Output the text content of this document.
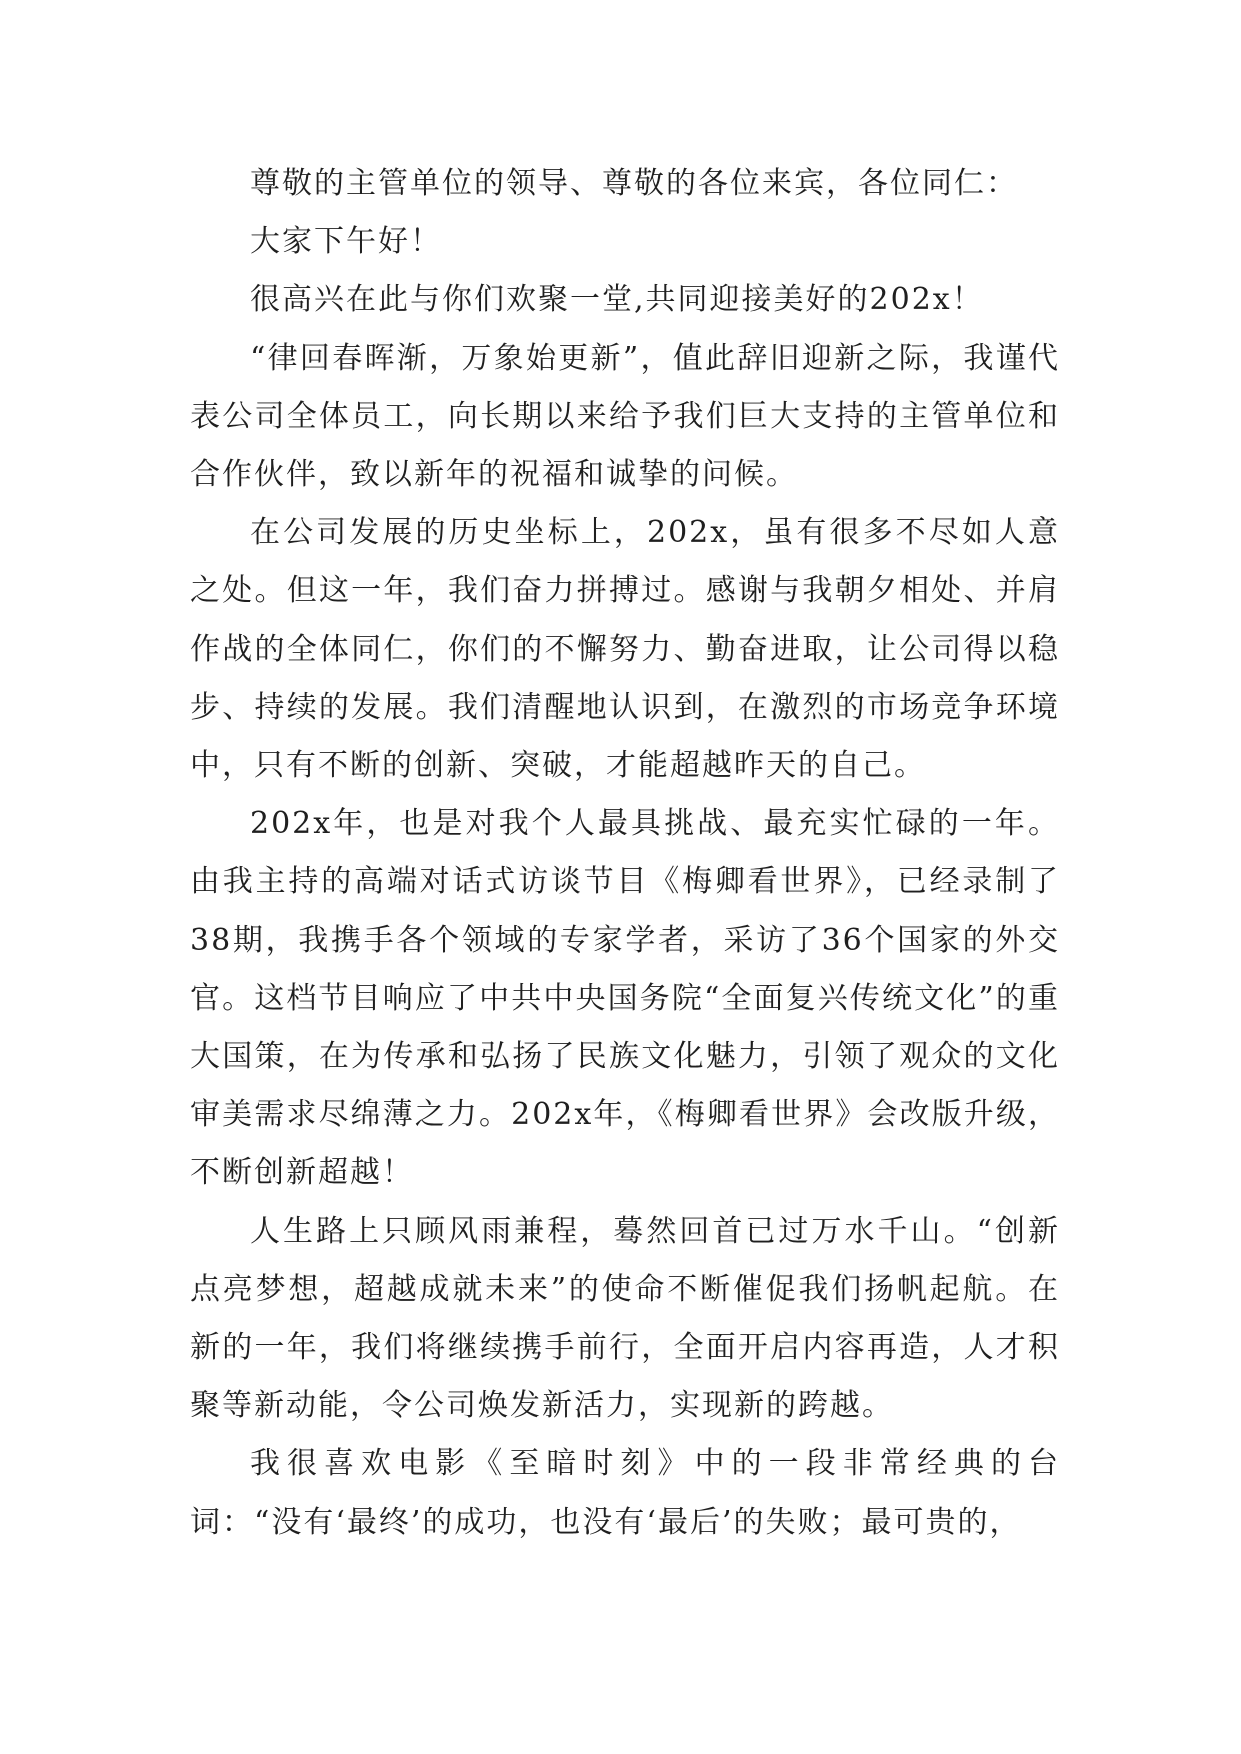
尊敬的主管单位的领导、尊敬的各位来宾，各位同仁：

大家下午好！

很高兴在此与你们欢聚一堂,共同迎接美好的202x！

“律回春晖渐，万象始更新”，值此辞旧迎新之际，我谨代表公司全体员工，向长期以来给予我们巨大支持的主管单位和合作伙伴，致以新年的祝福和诚挚的问候。

在公司发展的历史坐标上，202x，虽有很多不尽如人意之处。但这一年，我们奋力拼搏过。感谢与我朝夕相处、并肩作战的全体同仁，你们的不懈努力、勤奋进取，让公司得以稳步、持续的发展。我们清醒地认识到，在激烈的市场竞争环境中，只有不断的创新、突破，才能超越昨天的自己。

202x年，也是对我个人最具挑战、最充实忙碌的一年。由我主持的高端对话式访谈节目《梅卿看世界》，已经录制了38期，我携手各个领域的专家学者，采访了36个国家的外交官。这档节目响应了中共中央国务院“全面复兴传统文化”的重大国策，在为传承和弘扬了民族文化魅力，引领了观众的文化审美需求尽绵薄之力。202x年，《梅卿看世界》会改版升级，不断创新超越！

人生路上只顾风雨兼程，蓦然回首已过万水千山。“创新点亮梦想，超越成就未来”的使命不断催促我们扬帆起航。在新的一年，我们将继续携手前行，全面开启内容再造，人才积聚等新动能，令公司焕发新活力，实现新的跨越。

我很喜欢电影《至暗时刻》中的一段非常经典的台词：“没有‘最终’的成功，也没有‘最后’的失败；最可贵的，
